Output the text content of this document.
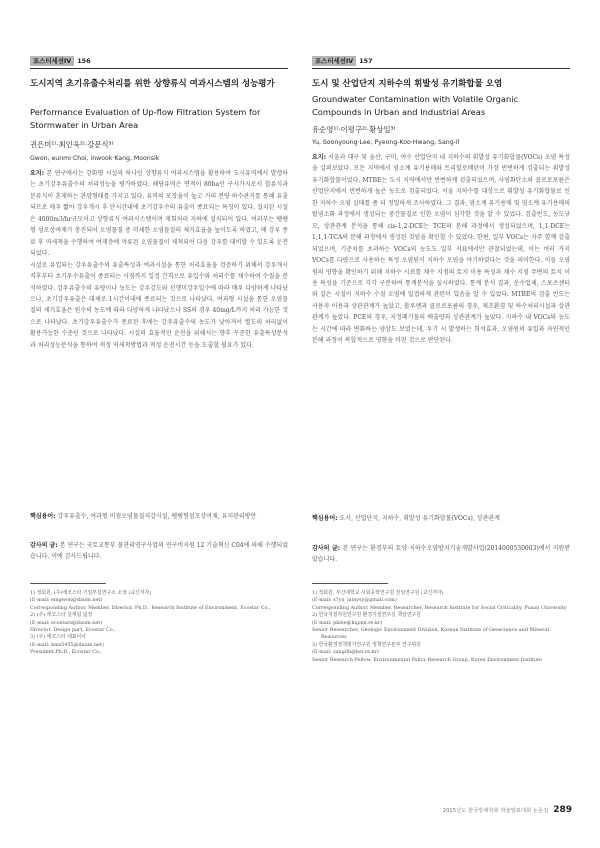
포스터세션IV 156
도시지역 초기유출수처리를 위한 상향류식 여과시스템의 성능평가
Performance Evaluation of Up-flow Filtration System for Stormwater in Urban Area
권은미¹⁾·최인욱²⁾·강문식³⁾
Gwon, eunmi·Choi, inwook·Kang, Moonsik

요지: 본 연구에서는 강화형 시설의 하나인 상향류식 여과시스템을 활용하여 도시유역에서 발생하는 초기강우유출수의 처리성능을 평가하였다. 해당유역은 면적이 80ha인 구시가지로서 합류식과 분류식이 혼재하는 관망형태를 가지고 있다. 유역의 포장율이 높고 거의 전량 하수관거를 통해 유출되므로 매우 짧아 강우개시 후 단시간내에 초기강우수의 유출이 종료되는 특징이 있다. 설치된 시설은 4000m3/hr규모이고 상향류식 여과시스템이며 재회처리 지하에 설치되어 있다. 여과부는 팽팽형 섬모상여재가 충진되어 오염물질 중 미세한 오염물질의 제거효율을 높이도록 하였고, 매 강우 종료 후 역세척을 수행하여 여재층에 억류된 오염물질이 세척되어 다음 강우를 대비할 수 있도록 운전되었다.

시설로 유입되는 강우유출수의 유출특성과 여과시설을 통한 처리효율을 검증하기 위해서 강우개시직후부터 초기우수유출이 종료되는 시점까지 일정 간격으로 유입수와 처리수를 채수하여 수질을 분석하였다. 강우유출수의 유량이나 농도는 강우강도와 선행미강우일수에 따라 매우 다양하게 나타났으나, 초기강우유출은 대체로 1시간이내에 종료되는 것으로 나타났다. 여과형 시설을 통한 오염물질의 제거효율은 원수의 농도에 따라 다양하게 나타났으나 SS의 경우 40mg/L까지 처리 가능한 것으로 나타났다. 초기강우유출수가 종료된 후에는 강우유출수의 농도가 낮아져서 별도의 처리없이 활용가능한 수준인 것으로 나타났다. 시설의 효율적인 운전을 위해서는 향후 꾸준한 유출특성분석과 처리성능분석을 통하여 적정 역세척방법과 적정 운전시간 등을 도출할 필요가 있다.

핵심용어: 강우유출수, 여과형 비점오염물질저감시설, 팽팽형섬모상여재, 유지관리방안
감사의 글: 본 연구는 국토교통부 물관리연구사업의 연구비지원 12 기술혁신 C04에 의해 수행되었습니다. 이에 감사드립니다.
1) 정회원, (주)에코스타 기업부설연구소 소장 (교신저자)
(E-mail: emgwon@daum.net)
Corresponding Author, Member, Director, Ph.D., Research Institute of Environment, Ecostar Co.,
2) (주) 에코스타 설계팀 팀장
(E-mail: ecostars@daum.net)
Director, Design part, Ecostar Co.,
3) (주) 에코스타 대표이사
(E-mail: kms5455@daum.net)
President,Ph.D., Ecostar Co.,
포스터세션IV 157
도시 및 산업단지 지하수의 휘발성 유기화합물 오염
Groundwater Contamination with Volatile Organic Compounds in Urban and Industrial Areas
유순영¹⁾·이평구²⁾·황상일³⁾
Yu, Soonyoung·Lee, Pyeong-Koo·Hwang, Sang-Il

요지: 서울과 대구 및 울산, 구미, 여수 산업단지 내 지하수의 휘발성 유기화합물(VOCs) 오염 특성을 살펴보았다. 모든 지역에서 염소계 유기용매와 트리할로메탄이 가장 빈번하게 검출되는 휘발성 유기화합물이었다. MTBE는 도시 지역에서만 빈번하게 검출되었으며, 사염화탄소와 클로로포름은 산업단지에서 빈번하게 높은 농도로 검출되었다. 서울 지하수를 대상으로 휘발성 유기화합물로 인한 지하수 오염 실태를 좀 더 정밀하게 조사하였다. 그 결과, 염소계 유기용매 및 염소계 유기용매의 탈염소화 과정에서 생성되는 중간물질로 인한 오염이 심각한 것을 알 수 있었다. 검출빈도, 농도규모, 상관관계 분석을 통해 cis-1,2-DCE는 TCE의 분해 과정에서 생성되었으며, 1,1-DCE는 1,1,1-TCA의 분해 과정에서 생성된 것임을 확인할 수 있었다. 한편, 일부 VOCs는 자주 함께 검출되었으며, 기준치를 초과하는 VOCs의 농도도 일부 지표에서만 관찰되었는데, 이는 여러 가지 VOCs를 다량으로 사용하는 특정 오염원이 지하수 오염을 야기하였다는 것을 의미한다. 이들 오염원의 영향을 확인하기 위해 지하수 시료를 채수 지점의 토지 이용 특성과 채수 지점 주변의 토지 이용 특성을 기준으로 각각 구분하여 통계분석을 실시하였다. 통계 분석 결과, 운수업체, 스포츠센터와 같은 시설이 지하수 수질 오염에 밀접하게 관련이 있음을 알 수 있었다. MTBE의 검출 빈도는 사용자 이용과 상관관계가 높았고, 톨루엔과 클로로포름의 경우, 제조환경 및 하수처리시설과 상관관계가 높았다. PCE의 경우, 지정폐기물의 배출량과 상관관계가 높았다. 지하수 내 VOCs의 농도는 시간에 따라 변화하는 양상도 보였는데, 우기 시 발생하는 희석효과, 오염원의 유입과 자연적인 분해 과정이 복합적으로 영향을 미친 것으로 판단된다.

핵심용어: 도시, 산업단지, 지하수, 휘발성 유기화합물(VOCs), 상관관계
감사의 글: 본 연구는 환경부의 토양·지하수오염방지기술개발사업(2014000530003)에서 지원받았습니다.
1) 정회원, 부산대학교 사회공학연구원 전임연구원 (교신저자)
(E-mail: s7yu_iamysy@gmail.com)
Corresponding Author, Member, Researcher, Research Institute for Social Criticality, Pusan University
2) 한국지질자원연구원 환경지질연구실 책임연구원
(E-mail: pklee@kigam.re.kr)
Senior Researcher, Geologic Environment Division, Korean Institute of Geoscience and Mineral Resources
3) 한국환경정책평가연구원 정책연구본부 연구위원
(E-mail: sangilh@kei.re.kr)
Senior Research Fellow, Environmental Policy Research Group, Korea Environment Institute
2015년도 한국방재학회 학술발표대회 논문집 289
